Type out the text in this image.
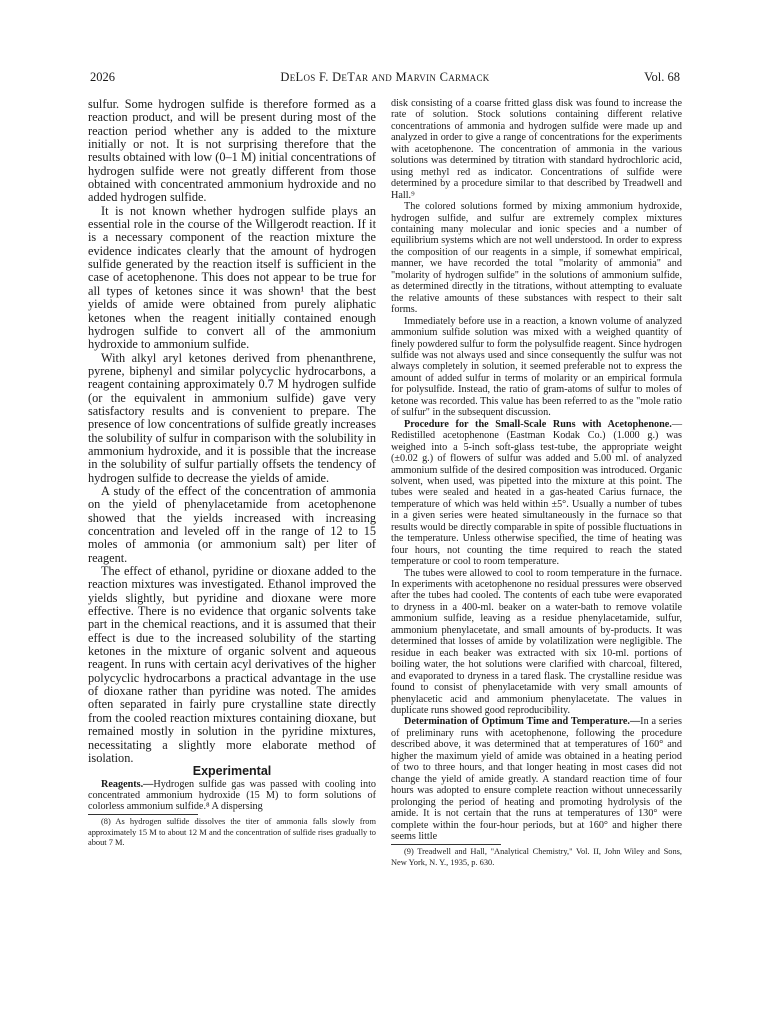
2026	DeLos F. DeTar and Marvin Carmack	Vol. 68

sulfur. Some hydrogen sulfide is therefore formed as a reaction product, and will be present during most of the reaction period whether any is added to the mixture initially or not. It is not surprising therefore that the results obtained with low (0–1 M) initial concentrations of hydrogen sulfide were not greatly different from those obtained with concentrated ammonium hydroxide and no added hydrogen sulfide.

It is not known whether hydrogen sulfide plays an essential role in the course of the Willgerodt reaction. If it is a necessary component of the reaction mixture the evidence indicates clearly that the amount of hydrogen sulfide generated by the reaction itself is sufficient in the case of acetophenone. This does not appear to be true for all types of ketones since it was shown¹ that the best yields of amide were obtained from purely aliphatic ketones when the reagent initially contained enough hydrogen sulfide to convert all of the ammonium hydroxide to ammonium sulfide.

With alkyl aryl ketones derived from phenanthrene, pyrene, biphenyl and similar polycyclic hydrocarbons, a reagent containing approximately 0.7 M hydrogen sulfide (or the equivalent in ammonium sulfide) gave very satisfactory results and is convenient to prepare. The presence of low concentrations of sulfide greatly increases the solubility of sulfur in comparison with the solubility in ammonium hydroxide, and it is possible that the increase in the solubility of sulfur partially offsets the tendency of hydrogen sulfide to decrease the yields of amide.

A study of the effect of the concentration of ammonia on the yield of phenylacetamide from acetophenone showed that the yields increased with increasing concentration and leveled off in the range of 12 to 15 moles of ammonia (or ammonium salt) per liter of reagent.

The effect of ethanol, pyridine or dioxane added to the reaction mixtures was investigated. Ethanol improved the yields slightly, but pyridine and dioxane were more effective. There is no evidence that organic solvents take part in the chemical reactions, and it is assumed that their effect is due to the increased solubility of the starting ketones in the mixture of organic solvent and aqueous reagent. In runs with certain acyl derivatives of the higher polycyclic hydrocarbons a practical advantage in the use of dioxane rather than pyridine was noted. The amides often separated in fairly pure crystalline state directly from the cooled reaction mixtures containing dioxane, but remained mostly in solution in the pyridine mixtures, necessitating a slightly more elaborate method of isolation.

Experimental

Reagents.—Hydrogen sulfide gas was passed with cooling into concentrated ammonium hydroxide (15 M) to form solutions of colorless ammonium sulfide.⁸ A dispersing

(8) As hydrogen sulfide dissolves the titer of ammonia falls slowly from approximately 15 M to about 12 M and the concentration of sulfide rises gradually to about 7 M.

disk consisting of a coarse fritted glass disk was found to increase the rate of solution. Stock solutions containing different relative concentrations of ammonia and hydrogen sulfide were made up and analyzed in order to give a range of concentrations for the experiments with acetophenone. The concentration of ammonia in the various solutions was determined by titration with standard hydrochloric acid, using methyl red as indicator. Concentrations of sulfide were determined by a procedure similar to that described by Treadwell and Hall.⁹

The colored solutions formed by mixing ammonium hydroxide, hydrogen sulfide, and sulfur are extremely complex mixtures containing many molecular and ionic species and a number of equilibrium systems which are not well understood. In order to express the composition of our reagents in a simple, if somewhat empirical, manner, we have recorded the total "molarity of ammonia" and "molarity of hydrogen sulfide" in the solutions of ammonium sulfide, as determined directly in the titrations, without attempting to evaluate the relative amounts of these substances with respect to their salt forms.

Immediately before use in a reaction, a known volume of analyzed ammonium sulfide solution was mixed with a weighed quantity of finely powdered sulfur to form the polysulfide reagent. Since hydrogen sulfide was not always used and since consequently the sulfur was not always completely in solution, it seemed preferable not to express the amount of added sulfur in terms of molarity or an empirical formula for polysulfide. Instead, the ratio of gram-atoms of sulfur to moles of ketone was recorded. This value has been referred to as the "mole ratio of sulfur" in the subsequent discussion.

Procedure for the Small-Scale Runs with Acetophenone.—Redistilled acetophenone (Eastman Kodak Co.) (1.000 g.) was weighed into a 5-inch soft-glass test-tube, the appropriate weight (±0.02 g.) of flowers of sulfur was added and 5.00 ml. of analyzed ammonium sulfide of the desired composition was introduced. Organic solvent, when used, was pipetted into the mixture at this point. The tubes were sealed and heated in a gas-heated Carius furnace, the temperature of which was held within ±5°. Usually a number of tubes in a given series were heated simultaneously in the furnace so that results would be directly comparable in spite of possible fluctuations in the temperature. Unless otherwise specified, the time of heating was four hours, not counting the time required to reach the stated temperature or cool to room temperature.

The tubes were allowed to cool to room temperature in the furnace. In experiments with acetophenone no residual pressures were observed after the tubes had cooled. The contents of each tube were evaporated to dryness in a 400-ml. beaker on a water-bath to remove volatile ammonium sulfide, leaving as a residue phenylacetamide, sulfur, ammonium phenylacetate, and small amounts of by-products. It was determined that losses of amide by volatilization were negligible. The residue in each beaker was extracted with six 10-ml. portions of boiling water, the hot solutions were clarified with charcoal, filtered, and evaporated to dryness in a tared flask. The crystalline residue was found to consist of phenylacetamide with very small amounts of phenylacetic acid and ammonium phenylacetate. The values in duplicate runs showed good reproducibility.

Determination of Optimum Time and Temperature.—In a series of preliminary runs with acetophenone, following the procedure described above, it was determined that at temperatures of 160° and higher the maximum yield of amide was obtained in a heating period of two to three hours, and that longer heating in most cases did not change the yield of amide greatly. A standard reaction time of four hours was adopted to ensure complete reaction without unnecessarily prolonging the period of heating and promoting hydrolysis of the amide. It is not certain that the runs at temperatures of 130° were complete within the four-hour periods, but at 160° and higher there seems little

(9) Treadwell and Hall, "Analytical Chemistry," Vol. II, John Wiley and Sons, New York, N. Y., 1935, p. 630.
